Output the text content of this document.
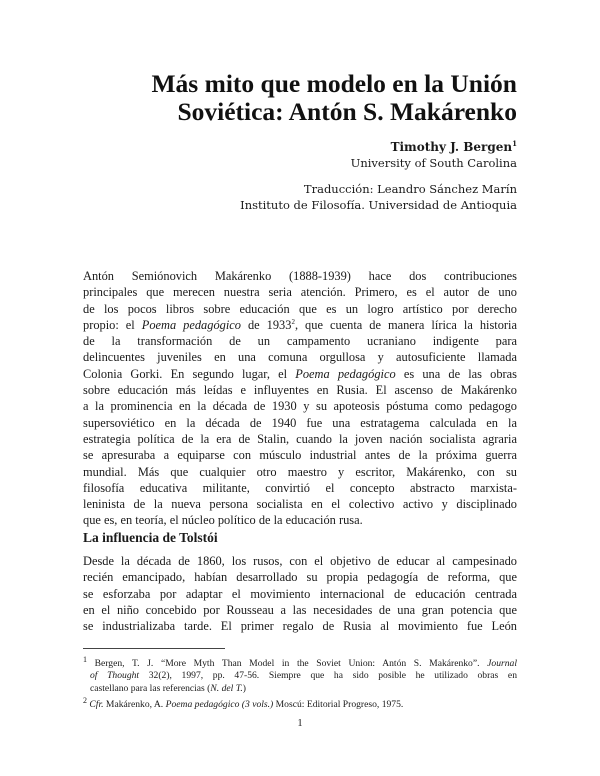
Más mito que modelo en la Unión
Soviética: Antón S. Makárenko
Timothy J. Bergen$^1$
University of South Carolina
Traducción: Leandro Sánchez Marín
Instituto de Filosofía. Universidad de Antioquia
Antón Semiónovich Makárenko (1888-1939) hace dos contribuciones
principales que merecen nuestra seria atención. Primero, es el autor de uno
de los pocos libros sobre educación que es un logro artístico por derecho
propio: el Poema pedagógico de 1933$^2$, que cuenta de manera lírica la historia
de la transformación de un campamento ucraniano indigente para
delincuentes juveniles en una comuna orgullosa y autosuficiente llamada
Colonia Gorki. En segundo lugar, el Poema pedagógico es una de las obras
sobre educación más leídas e influyentes en Rusia. El ascenso de Makárenko
a la prominencia en la década de 1930 y su apoteosis póstuma como pedagogo
supersoviético en la década de 1940 fue una estratagema calculada en la
estrategia política de la era de Stalin, cuando la joven nación socialista agraria
se apresuraba a equiparse con músculo industrial antes de la próxima guerra
mundial. Más que cualquier otro maestro y escritor, Makárenko, con su
filosofía educativa militante, convirtió el concepto abstracto marxista-
leninista de la nueva persona socialista en el colectivo activo y disciplinado
que es, en teoría, el núcleo político de la educación rusa.
La influencia de Tolstói
Desde la década de 1860, los rusos, con el objetivo de educar al campesinado
recién emancipado, habían desarrollado su propia pedagogía de reforma, que
se esforzaba por adaptar el movimiento internacional de educación centrada
en el niño concebido por Rousseau a las necesidades de una gran potencia que
se industrializaba tarde. El primer regalo de Rusia al movimiento fue León
$^1$ Bergen, T. J. “More Myth Than Model in the Soviet Union: Antón S. Makárenko”. Journal
of Thought 32(2), 1997, pp. 47-56. Siempre que ha sido posible he utilizado obras en
castellano para las referencias (N. del T.)
$^2$ Cfr. Makárenko, A. Poema pedagógico (3 vols.) Moscú: Editorial Progreso, 1975.
1
